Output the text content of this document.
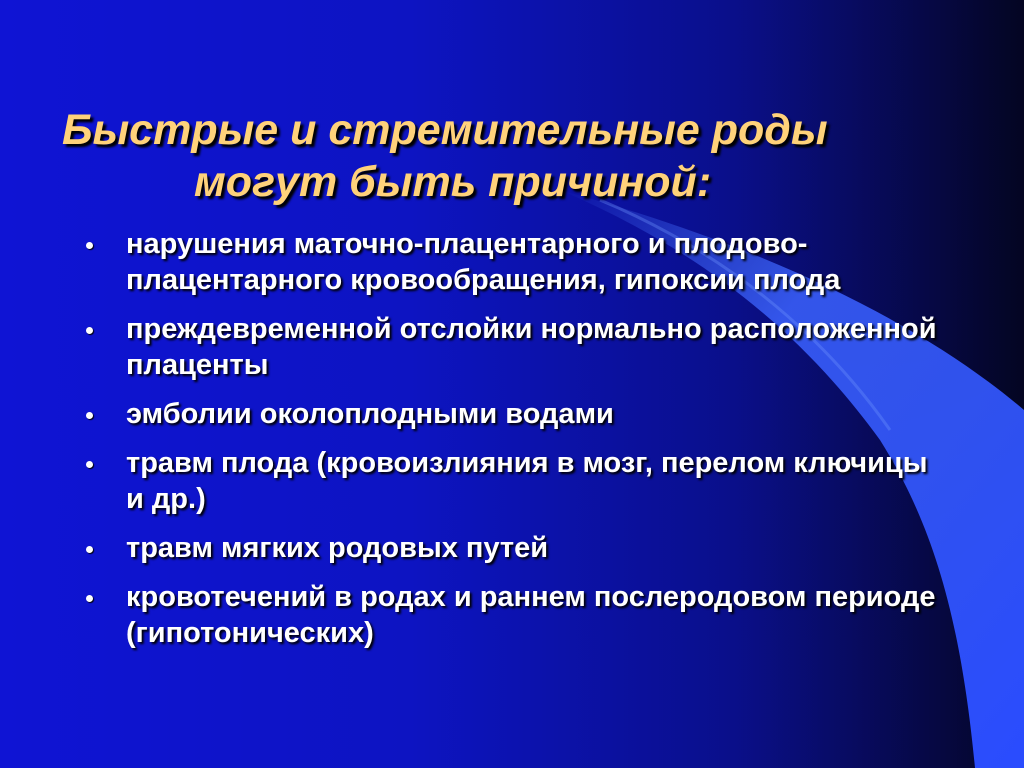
Быстрые и стремительные роды
могут быть причиной:
нарушения маточно-плацентарного и плодово-плацентарного кровообращения, гипоксии плода
преждевременной отслойки нормально расположенной плаценты
эмболии околоплодными водами
травм плода (кровоизлияния в мозг, перелом ключицы и др.)
травм мягких родовых путей
кровотечений в родах и раннем послеродовом периоде (гипотонических)
